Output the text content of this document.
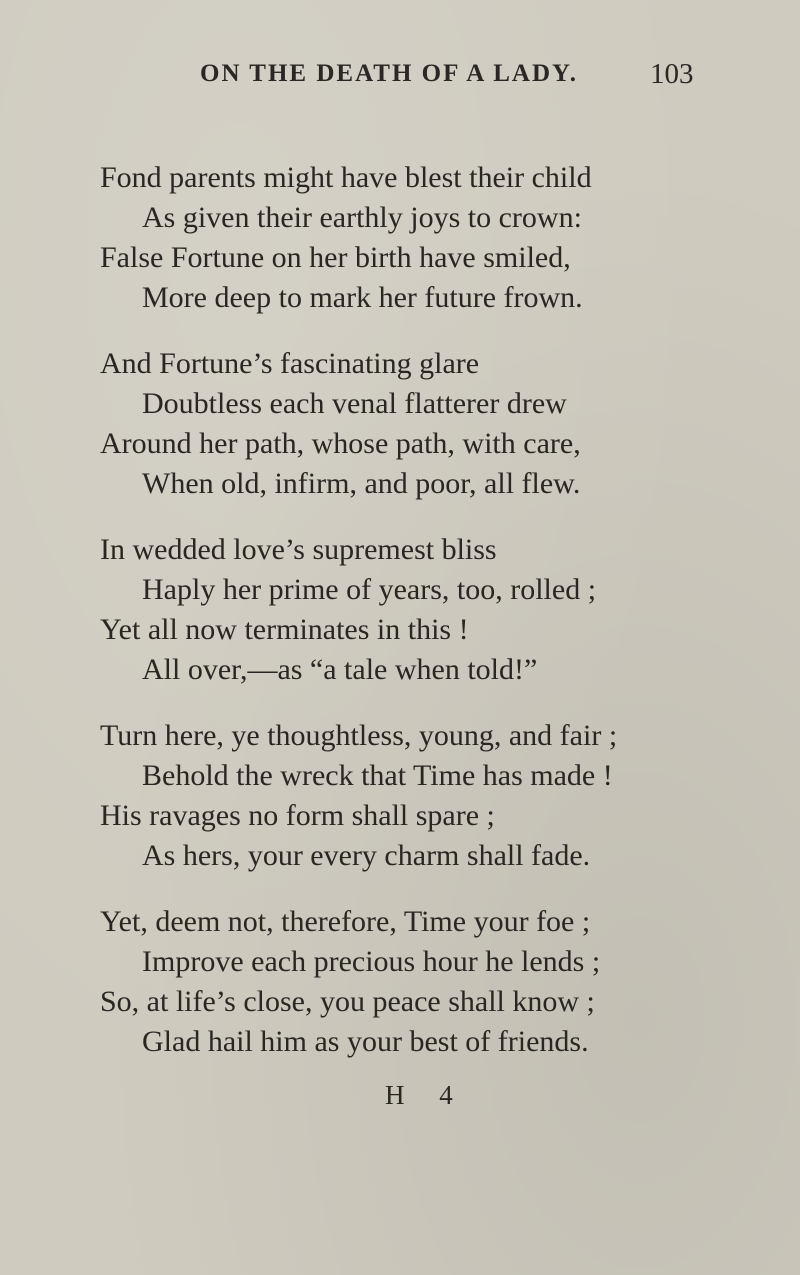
ON THE DEATH OF A LADY. 103
Fond parents might have blest their child
As given their earthly joys to crown:
False Fortune on her birth have smiled,
More deep to mark her future frown.
And Fortune’s fascinating glare
Doubtless each venal flatterer drew
Around her path, whose path, with care,
When old, infirm, and poor, all flew.
In wedded love’s supremest bliss
Haply her prime of years, too, rolled ;
Yet all now terminates in this !
All over,—as “a tale when told!”
Turn here, ye thoughtless, young, and fair ;
Behold the wreck that Time has made !
His ravages no form shall spare ;
As hers, your every charm shall fade.
Yet, deem not, therefore, Time your foe ;
Improve each precious hour he lends ;
So, at life’s close, you peace shall know ;
Glad hail him as your best of friends.
H 4
